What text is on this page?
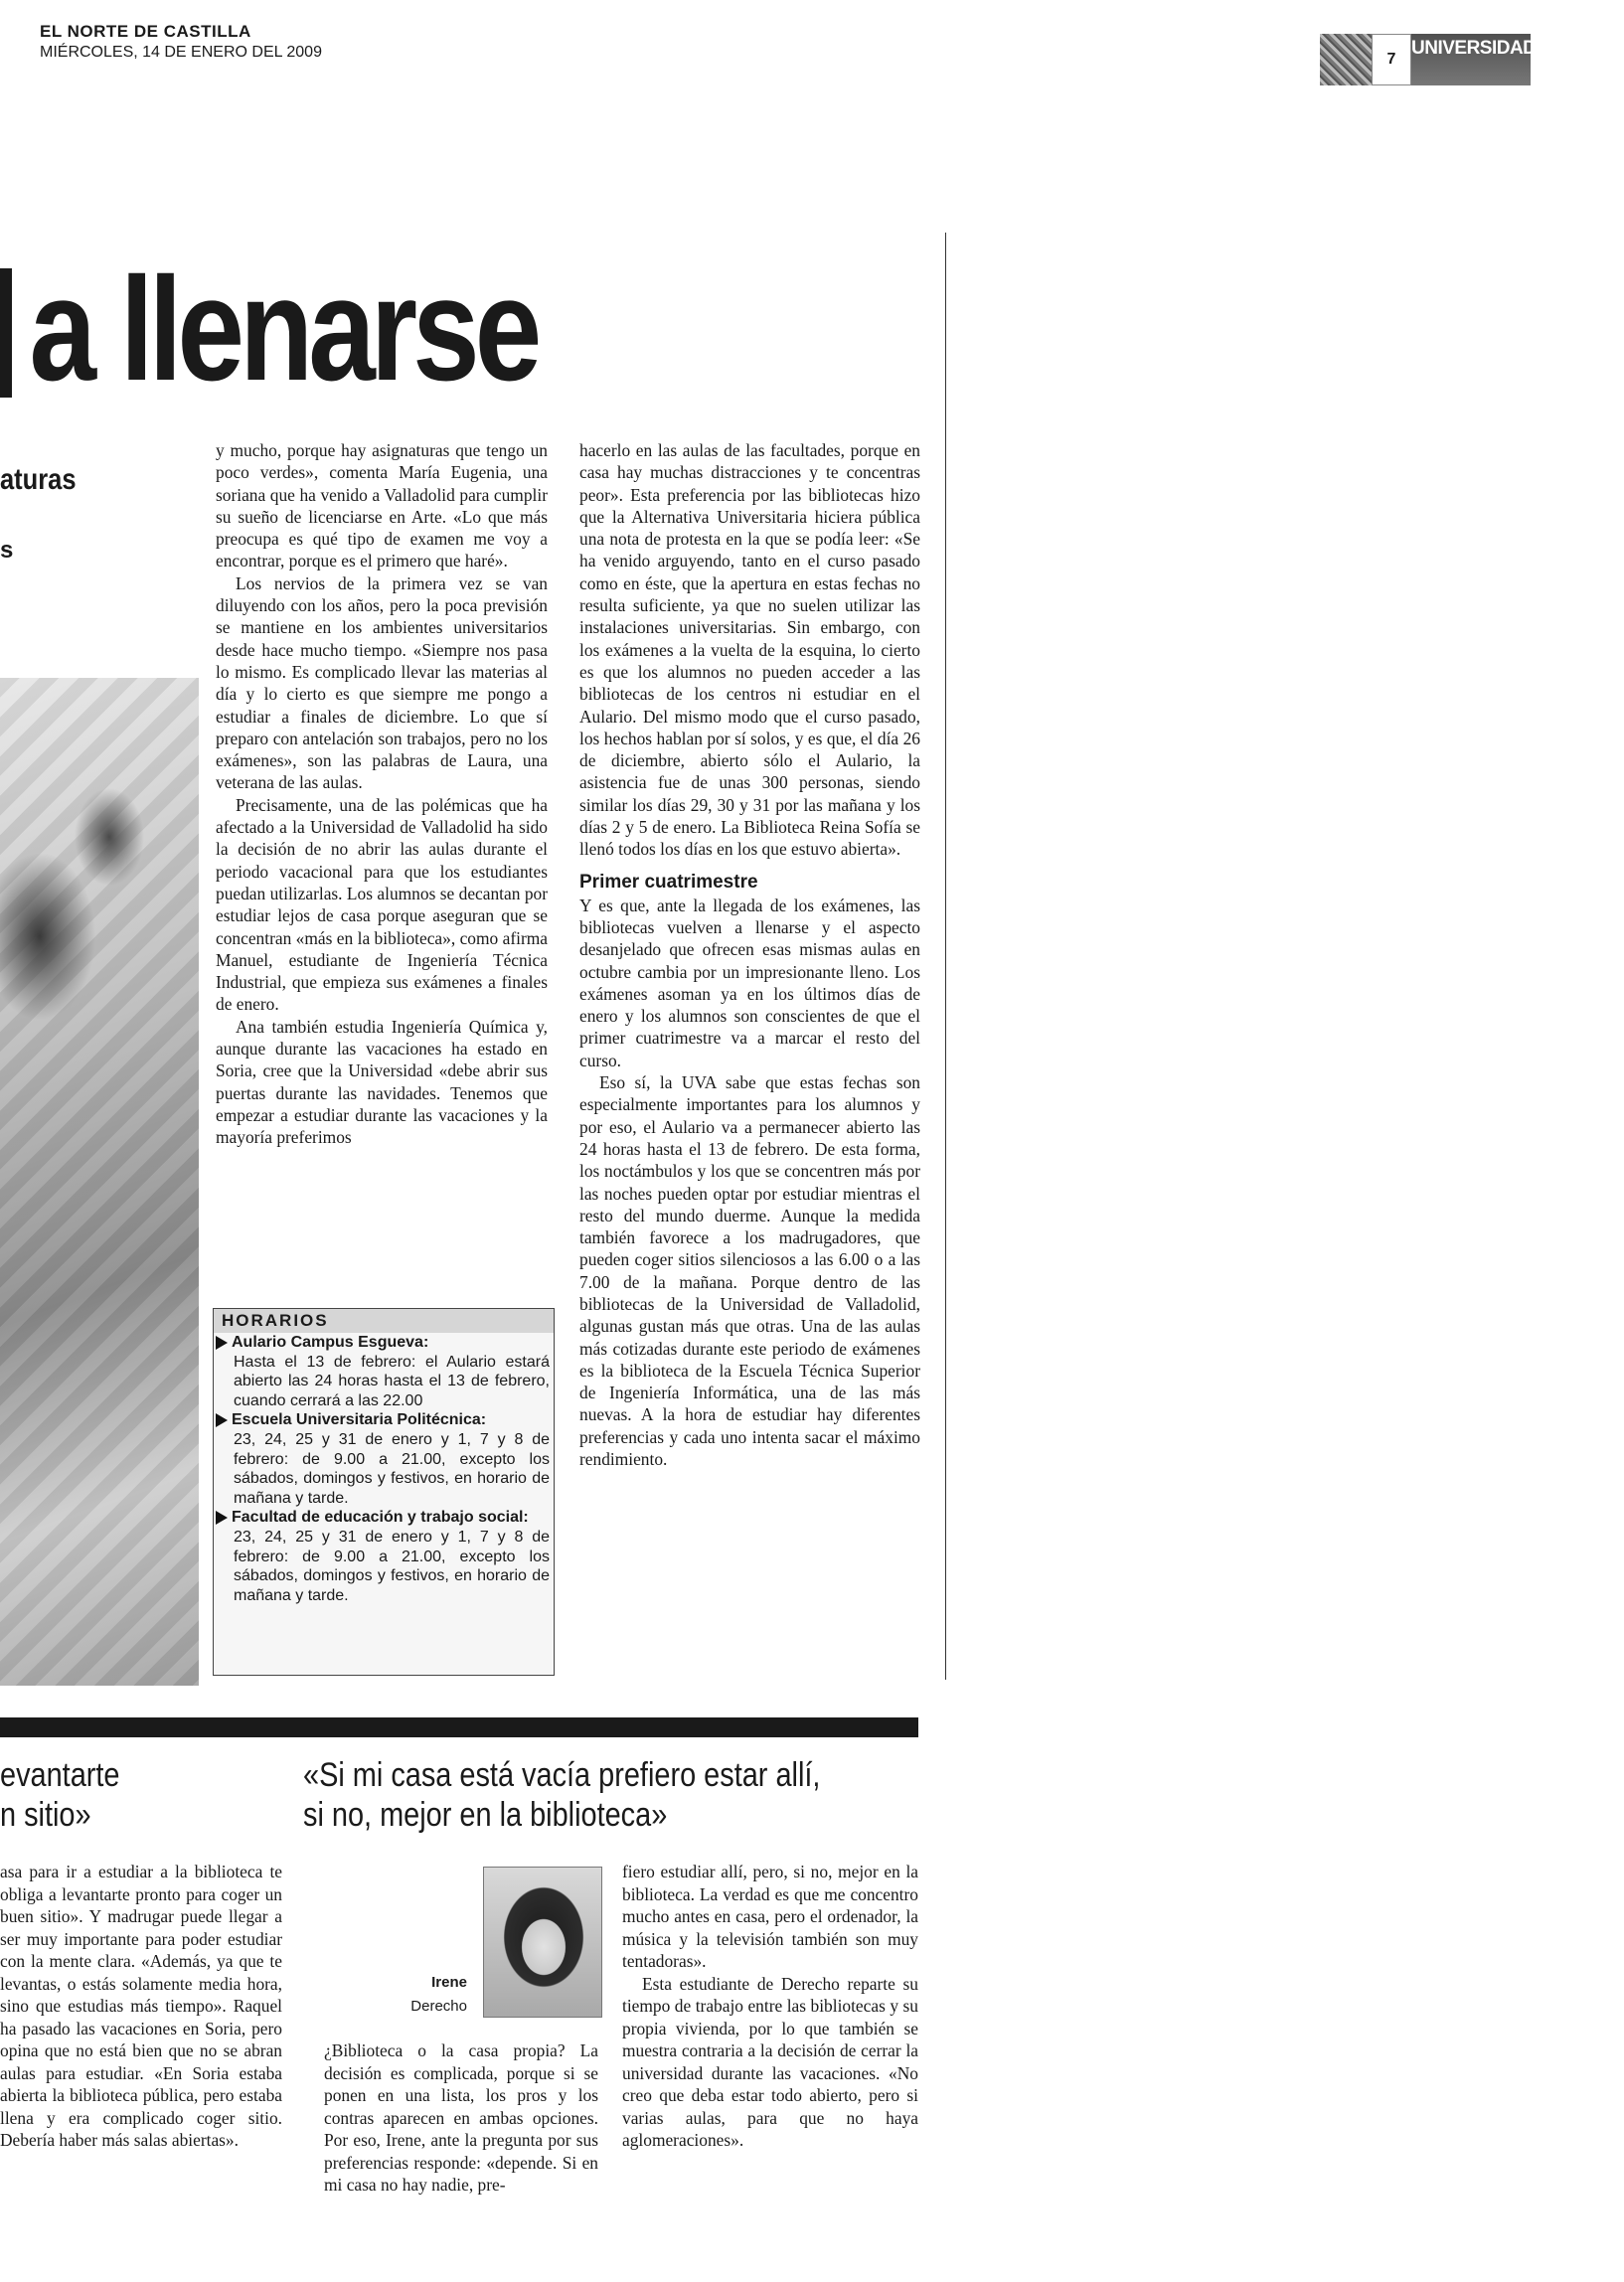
EL NORTE DE CASTILLA
MIÉRCOLES, 14 DE ENERO DEL 2009	7
UNIVERSIDAD
a llenarse
aturas
s

y mucho, porque hay asignaturas que tengo un poco verdes», comenta María Eugenia, una soriana que ha venido a Valladolid para cumplir su sueño de licenciarse en Arte. «Lo que más preocupa es qué tipo de examen me voy a encontrar, porque es el primero que haré».

Los nervios de la primera vez se van diluyendo con los años, pero la poca previsión se mantiene en los ambientes universitarios desde hace mucho tiempo. «Siempre nos pasa lo mismo. Es complicado llevar las materias al día y lo cierto es que siempre me pongo a estudiar a finales de diciembre. Lo que sí preparo con antelación son trabajos, pero no los exámenes», son las palabras de Laura, una veterana de las aulas.

Precisamente, una de las polémicas que ha afectado a la Universidad de Valladolid ha sido la decisión de no abrir las aulas durante el periodo vacacional para que los estudiantes puedan utilizarlas. Los alumnos se decantan por estudiar lejos de casa porque aseguran que se concentran «más en la biblioteca», como afirma Manuel, estudiante de Ingeniería Técnica Industrial, que empieza sus exámenes a finales de enero.

Ana también estudia Ingeniería Química y, aunque durante las vacaciones ha estado en Soria, cree que la Universidad «debe abrir sus puertas durante las navidades. Tenemos que empezar a estudiar durante las vacaciones y la mayoría preferimos

HORARIOS
Aulario Campus Esgueva:
Hasta el 13 de febrero: el Aulario estará abierto las 24 horas hasta el 13 de febrero, cuando cerrará a las 22.00
Escuela Universitaria Politécnica:
23, 24, 25 y 31 de enero y 1, 7 y 8 de febrero: de 9.00 a 21.00, excepto los sábados, domingos y festivos, en horario de mañana y tarde.
Facultad de educación y trabajo social:
23, 24, 25 y 31 de enero y 1, 7 y 8 de febrero: de 9.00 a 21.00, excepto los sábados, domingos y festivos, en horario de mañana y tarde.

hacerlo en las aulas de las facultades, porque en casa hay muchas distracciones y te concentras peor». Esta preferencia por las bibliotecas hizo que la Alternativa Universitaria hiciera pública una nota de protesta en la que se podía leer: «Se ha venido arguyendo, tanto en el curso pasado como en éste, que la apertura en estas fechas no resulta suficiente, ya que no suelen utilizar las instalaciones universitarias. Sin embargo, con los exámenes a la vuelta de la esquina, lo cierto es que los alumnos no pueden acceder a las bibliotecas de los centros ni estudiar en el Aulario. Del mismo modo que el curso pasado, los hechos hablan por sí solos, y es que, el día 26 de diciembre, abierto sólo el Aulario, la asistencia fue de unas 300 personas, siendo similar los días 29, 30 y 31 por las mañana y los días 2 y 5 de enero. La Biblioteca Reina Sofía se llenó todos los días en los que estuvo abierta».

Primer cuatrimestre

Y es que, ante la llegada de los exámenes, las bibliotecas vuelven a llenarse y el aspecto desanjelado que ofrecen esas mismas aulas en octubre cambia por un impresionante lleno. Los exámenes asoman ya en los últimos días de enero y los alumnos son conscientes de que el primer cuatrimestre va a marcar el resto del curso.

Eso sí, la UVA sabe que estas fechas son especialmente importantes para los alumnos y por eso, el Aulario va a permanecer abierto las 24 horas hasta el 13 de febrero. De esta forma, los noctámbulos y los que se concentren más por las noches pueden optar por estudiar mientras el resto del mundo duerme. Aunque la medida también favorece a los madrugadores, que pueden coger sitios silenciosos a las 6.00 o a las 7.00 de la mañana. Porque dentro de las bibliotecas de la Universidad de Valladolid, algunas gustan más que otras. Una de las aulas más cotizadas durante este periodo de exámenes es la biblioteca de la Escuela Técnica Superior de Ingeniería Informática, una de las más nuevas. A la hora de estudiar hay diferentes preferencias y cada uno intenta sacar el máximo rendimiento.

evantarte
n sitio»
«Si mi casa está vacía prefiero estar allí,
si no, mejor en la biblioteca»

asa para ir a estudiar a la biblioteca te obliga a levantarte pronto para coger un buen sitio». Y madrugar puede llegar a ser muy importante para poder estudiar con la mente clara. «Además, ya que te levantas, o estás solamente media hora, sino que estudias más tiempo». Raquel ha pasado las vacaciones en Soria, pero opina que no está bien que no se abran aulas para estudiar. «En Soria estaba abierta la biblioteca pública, pero estaba llena y era complicado coger sitio. Debería haber más salas abiertas».

Irene
Derecho

¿Biblioteca o la casa propia? La decisión es complicada, porque si se ponen en una lista, los pros y los contras aparecen en ambas opciones. Por eso, Irene, ante la pregunta por sus preferencias responde: «depende. Si en mi casa no hay nadie, pre-

fiero estudiar allí, pero, si no, mejor en la biblioteca. La verdad es que me concentro mucho antes en casa, pero el ordenador, la música y la televisión también son muy tentadoras».

Esta estudiante de Derecho reparte su tiempo de trabajo entre las bibliotecas y su propia vivienda, por lo que también se muestra contraria a la decisión de cerrar la universidad durante las vacaciones. «No creo que deba estar todo abierto, pero si varias aulas, para que no haya aglomeraciones».
